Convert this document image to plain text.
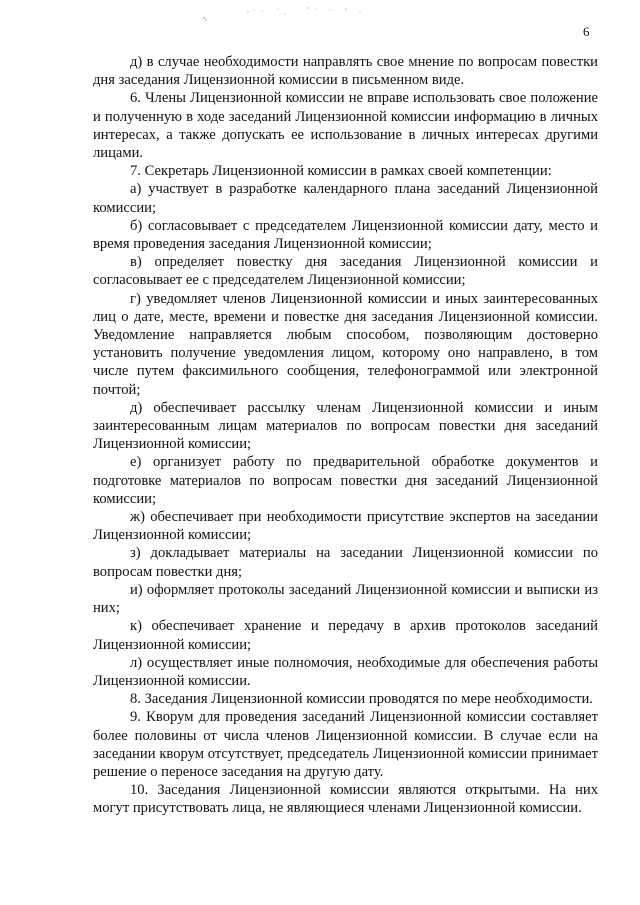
6

д) в случае необходимости направлять свое мнение по вопросам повестки дня заседания Лицензионной комиссии в письменном виде.

6. Члены Лицензионной комиссии не вправе использовать свое положение и полученную в ходе заседаний Лицензионной комиссии информацию в личных интересах, а также допускать ее использование в личных интересах другими лицами.

7. Секретарь Лицензионной комиссии в рамках своей компетенции:

а) участвует в разработке календарного плана заседаний Лицензионной комиссии;

б) согласовывает с председателем Лицензионной комиссии дату, место и время проведения заседания Лицензионной комиссии;

в) определяет повестку дня заседания Лицензионной комиссии и согласовывает ее с председателем Лицензионной комиссии;

г) уведомляет членов Лицензионной комиссии и иных заинтересованных лиц о дате, месте, времени и повестке дня заседания Лицензионной комиссии. Уведомление направляется любым способом, позволяющим достоверно установить получение уведомления лицом, которому оно направлено, в том числе путем факсимильного сообщения, телефонограммой или электронной почтой;

д) обеспечивает рассылку членам Лицензионной комиссии и иным заинтересованным лицам материалов по вопросам повестки дня заседаний Лицензионной комиссии;

е) организует работу по предварительной обработке документов и подготовке материалов по вопросам повестки дня заседаний Лицензионной комиссии;

ж) обеспечивает при необходимости присутствие экспертов на заседании Лицензионной комиссии;

з) докладывает материалы на заседании Лицензионной комиссии по вопросам повестки дня;

и) оформляет протоколы заседаний Лицензионной комиссии и выписки из них;

к) обеспечивает хранение и передачу в архив протоколов заседаний Лицензионной комиссии;

л) осуществляет иные полномочия, необходимые для обеспечения работы Лицензионной комиссии.

8. Заседания Лицензионной комиссии проводятся по мере необходимости.

9. Кворум для проведения заседаний Лицензионной комиссии составляет более половины от числа членов Лицензионной комиссии. В случае если на заседании кворум отсутствует, председатель Лицензионной комиссии принимает решение о переносе заседания на другую дату.

10. Заседания Лицензионной комиссии являются открытыми. На них могут присутствовать лица, не являющиеся членами Лицензионной комиссии.
